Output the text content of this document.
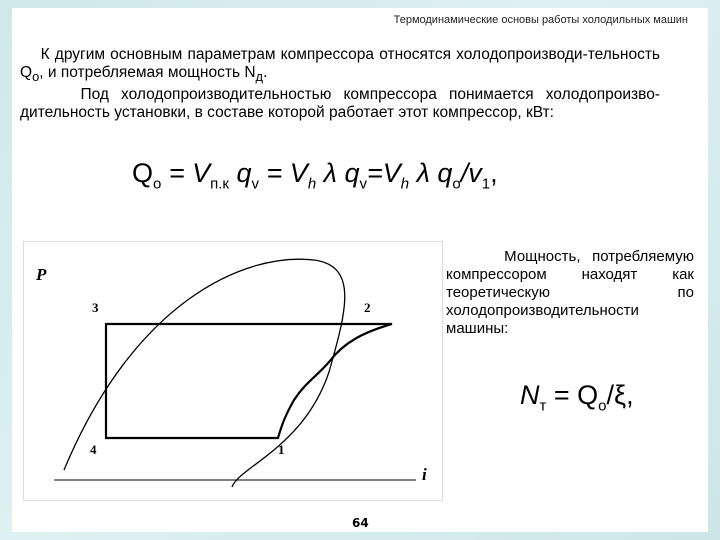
Термодинамические основы работы холодильных машин
К другим основным параметрам компрессора относятся холодопроизводи-тельность $Q_o$, и потребляемая мощность $N_д$.
Под холодопроизводительностью компрессора понимается холодопроизво-дительность установки, в составе которой работает этот компрессор, кВт:
$Q_o = V_{п.к}$ $q_v = V_h$ λ $q_v=V_h$ λ $q_o/v_1$,
P
i
3	2
4	1
Мощность, потребляемую компрессором находят как теоретическую по холодопроизводительности машины:
$N_т = Q_o/\xi$,
64
